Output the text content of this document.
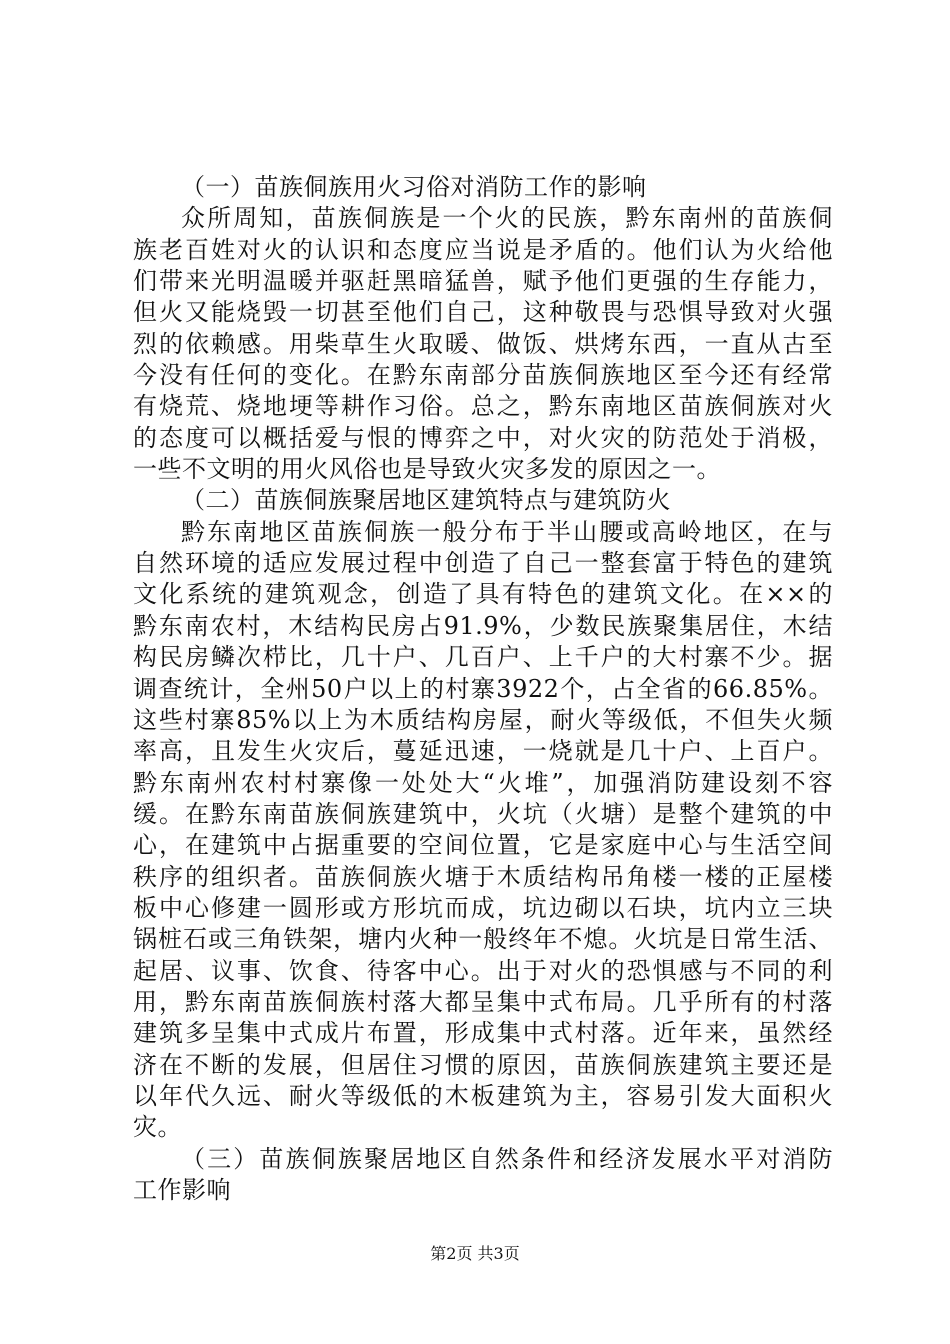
（一）苗族侗族用火习俗对消防工作的影响
众所周知，苗族侗族是一个火的民族，黔东南州的苗族侗
族老百姓对火的认识和态度应当说是矛盾的。他们认为火给他
们带来光明温暖并驱赶黑暗猛兽，赋予他们更强的生存能力，
但火又能烧毁一切甚至他们自己，这种敬畏与恐惧导致对火强
烈的依赖感。用柴草生火取暖、做饭、烘烤东西，一直从古至
今没有任何的变化。在黔东南部分苗族侗族地区至今还有经常
有烧荒、烧地埂等耕作习俗。总之，黔东南地区苗族侗族对火
的态度可以概括爱与恨的博弈之中，对火灾的防范处于消极，
一些不文明的用火风俗也是导致火灾多发的原因之一。
（二）苗族侗族聚居地区建筑特点与建筑防火
黔东南地区苗族侗族一般分布于半山腰或高岭地区，在与
自然环境的适应发展过程中创造了自己一整套富于特色的建筑
文化系统的建筑观念，创造了具有特色的建筑文化。在××的
黔东南农村，木结构民房占91.9%，少数民族聚集居住，木结
构民房鳞次栉比，几十户、几百户、上千户的大村寨不少。据
调查统计，全州50户以上的村寨3922个，占全省的66.85%。
这些村寨85%以上为木质结构房屋，耐火等级低，不但失火频
率高，且发生火灾后，蔓延迅速，一烧就是几十户、上百户。
黔东南州农村村寨像一处处大“火堆”，加强消防建设刻不容
缓。在黔东南苗族侗族建筑中，火坑（火塘）是整个建筑的中
心，在建筑中占据重要的空间位置，它是家庭中心与生活空间
秩序的组织者。苗族侗族火塘于木质结构吊角楼一楼的正屋楼
板中心修建一圆形或方形坑而成，坑边砌以石块，坑内立三块
锅桩石或三角铁架，塘内火种一般终年不熄。火坑是日常生活、
起居、议事、饮食、待客中心。出于对火的恐惧感与不同的利
用，黔东南苗族侗族村落大都呈集中式布局。几乎所有的村落
建筑多呈集中式成片布置，形成集中式村落。近年来，虽然经
济在不断的发展，但居住习惯的原因，苗族侗族建筑主要还是
以年代久远、耐火等级低的木板建筑为主，容易引发大面积火
灾。
（三）苗族侗族聚居地区自然条件和经济发展水平对消防
工作影响
第2页 共3页
